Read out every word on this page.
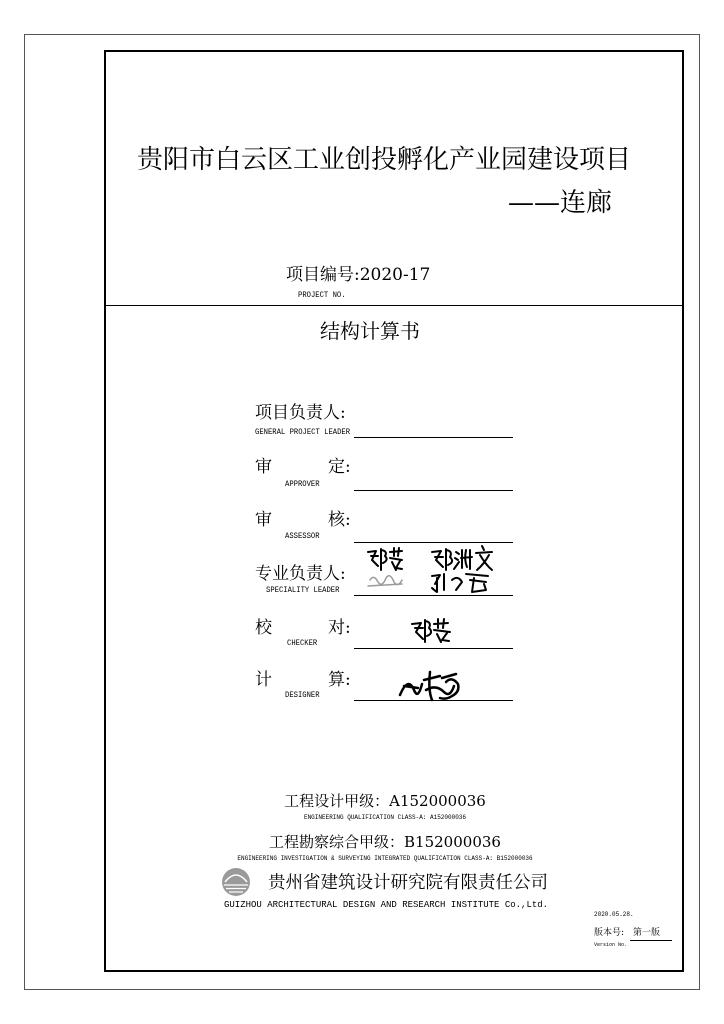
贵阳市白云区工业创投孵化产业园建设项目
——连廊
项目编号:2020-17
PROJECT NO.
结构计算书
项目负责人:
GENERAL PROJECT LEADER
审	定:
APPROVER
审	核:
ASSESSOR
专业负责人:
SPECIALITY LEADER
校	对:
CHECKER
计	算:
DESIGNER
工程设计甲级：A152000036
ENGINEERING QUALIFICATION CLASS-A: A152000036
工程勘察综合甲级：B152000036
ENGINEERING INVESTIGATION & SURVEYING INTEGRATED QUALIFICATION CLASS-A: B152000036
贵州省建筑设计研究院有限责任公司
GUIZHOU ARCHITECTURAL DESIGN AND RESEARCH INSTITUTE Co.,Ltd.
2020.05.28.
版本号: 第一版
Version No.
